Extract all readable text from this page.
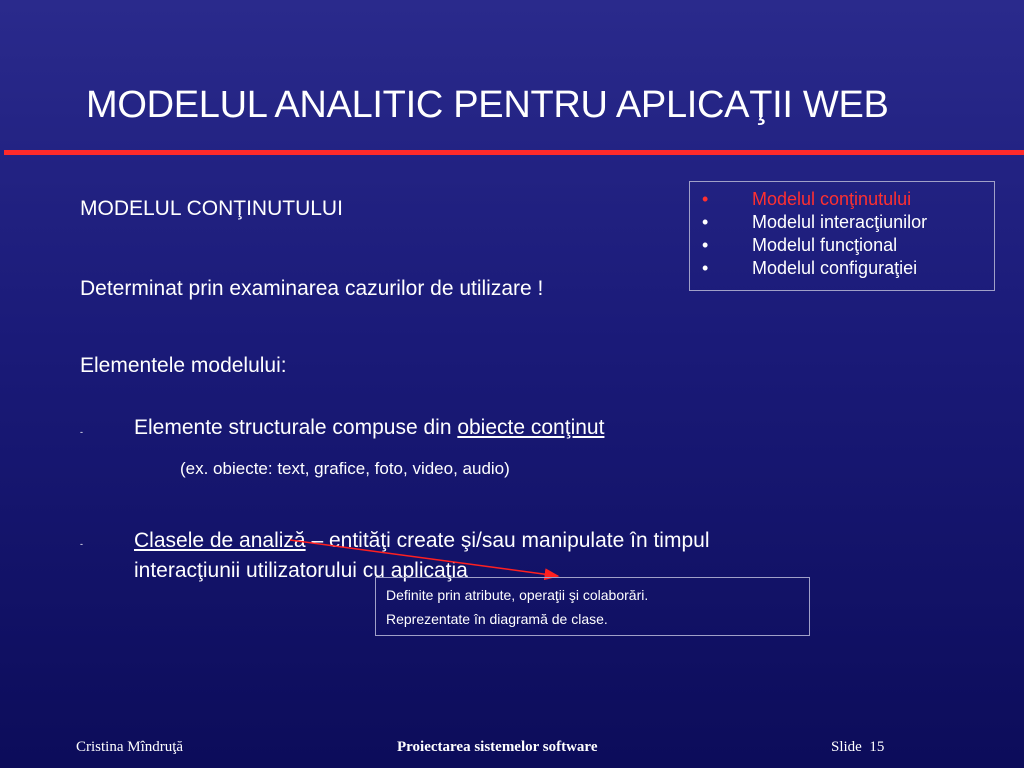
MODELUL ANALITIC PENTRU APLICAŢII WEB
MODELUL CONŢINUTULUI
Determinat prin examinarea cazurilor de utilizare !
Elementele modelului:
- Elemente structurale compuse din obiecte conţinut
(ex. obiecte: text, grafice, foto, video, audio)
- Clasele de analiză – entităţi create şi/sau manipulate în timpul
interacţiunii utilizatorului cu aplicaţia
•	Modelul conţinutului
•	Modelul interacţiunilor
•	Modelul funcţional
•	Modelul configuraţiei
Definite prin atribute, operaţii şi colaborări.
Reprezentate în diagramă de clase.
Cristina Mîndruţă	Proiectarea sistemelor software	Slide 15
